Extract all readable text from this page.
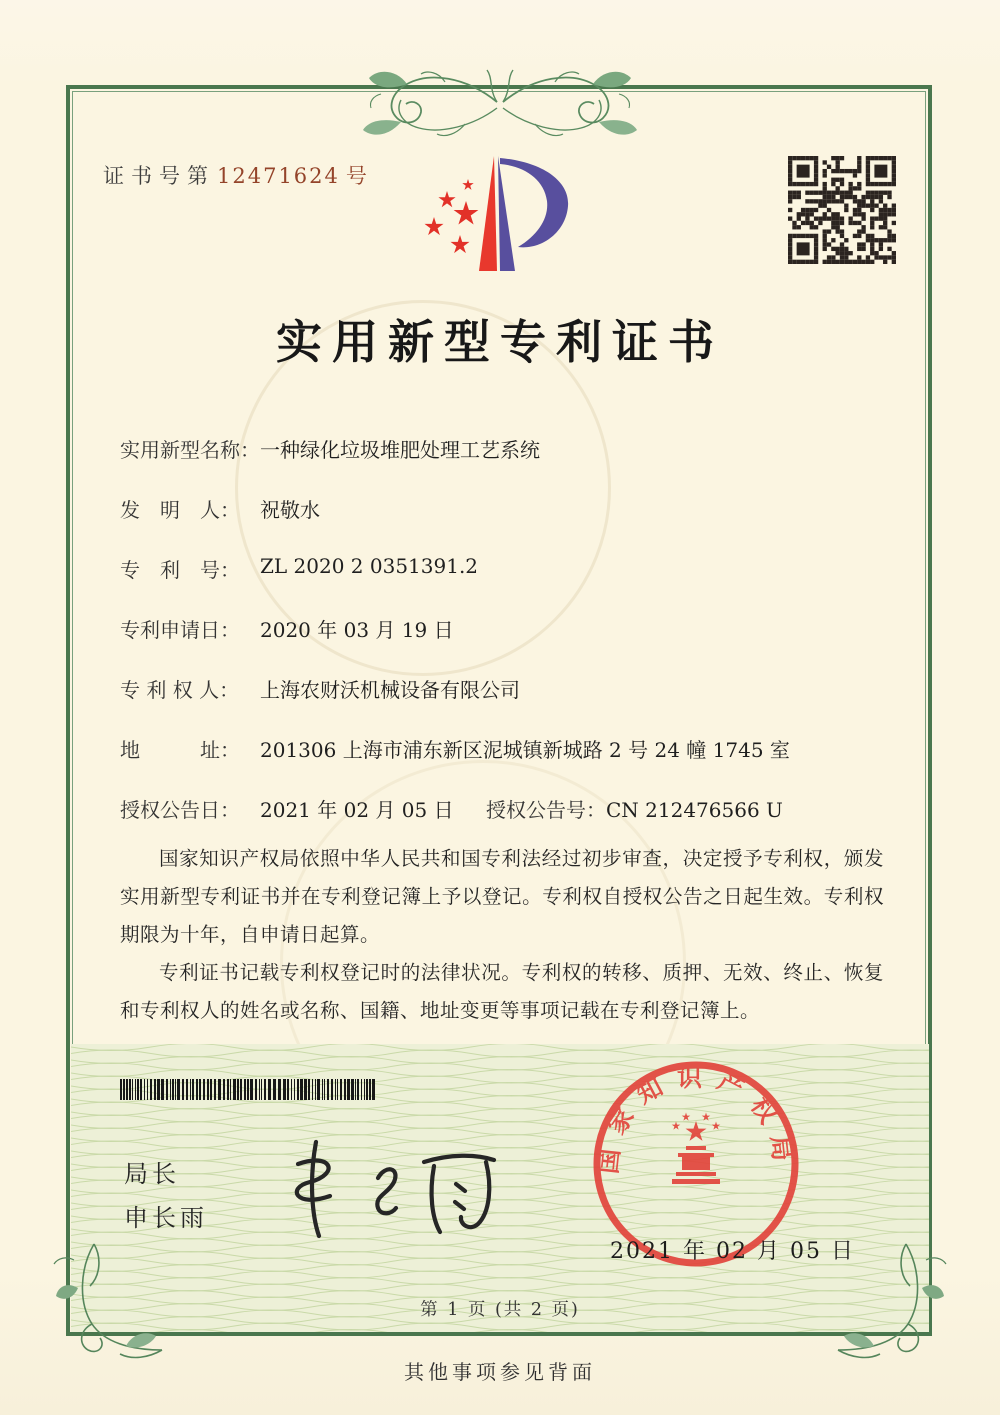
证书号第12471624 号
实用新型专利证书
实用新型名称：一种绿化垃圾堆肥处理工艺系统
发　明　人： 祝敬水
专　利　号： ZL 2020 2 0351391.2
专利申请日： 2020 年 03 月 19 日
专 利 权 人： 上海农财沃机械设备有限公司
地　　　址： 201306 上海市浦东新区泥城镇新城路 2 号 24 幢 1745 室
授权公告日： 2021 年 02 月 05 日 授权公告号：CN 212476566 U

国家知识产权局依照中华人民共和国专利法经过初步审查，决定授予专利权，颁发实用新型专利证书并在专利登记簿上予以登记。专利权自授权公告之日起生效。专利权期限为十年，自申请日起算。

专利证书记载专利权登记时的法律状况。专利权的转移、质押、无效、终止、恢复和专利权人的姓名或名称、国籍、地址变更等事项记载在专利登记簿上。

局长
申长雨
国家知识产权局
2021 年 02 月 05 日
第 1 页 (共 2 页)
其他事项参见背面
